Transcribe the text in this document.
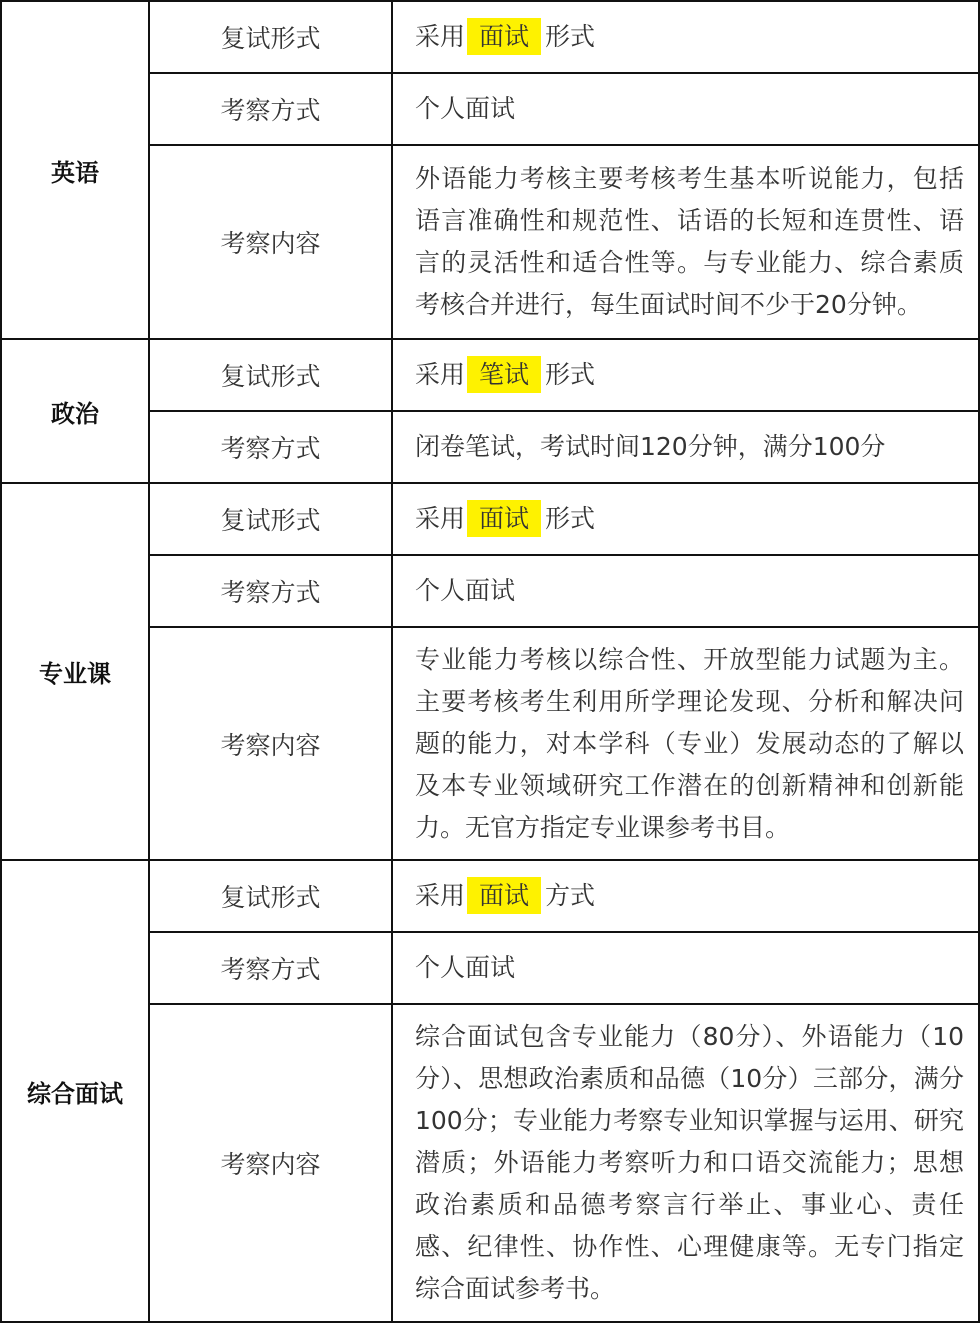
英语	复试形式	采用 面试 形式
	考察方式	个人面试
	考察内容	外语能力考核主要考核考生基本听说能力，包括语言准确性和规范性、话语的长短和连贯性、语言的灵活性和适合性等。与专业能力、综合素质考核合并进行，每生面试时间不少于20分钟。

政治	复试形式	采用 笔试 形式
	考察方式	闭卷笔试，考试时间120分钟，满分100分
专业课	复试形式	采用 面试 形式
	考察方式	个人面试
	考察内容	专业能力考核以综合性、开放型能力试题为主。主要考核考生利用所学理论发现、分析和解决问题的能力，对本学科（专业）发展动态的了解以及本专业领域研究工作潜在的创新精神和创新能力。无官方指定专业课参考书目。

综合面试	复试形式	采用 面试 方式
	考察方式	个人面试
	考察内容	综合面试包含专业能力（80分）、外语能力（10分）、思想政治素质和品德（10分）三部分，满分100分；专业能力考察专业知识掌握与运用、研究潜质；外语能力考察听力和口语交流能力；思想政治素质和品德考察言行举止、事业心、责任感、纪律性、协作性、心理健康等。无专门指定综合面试参考书。
